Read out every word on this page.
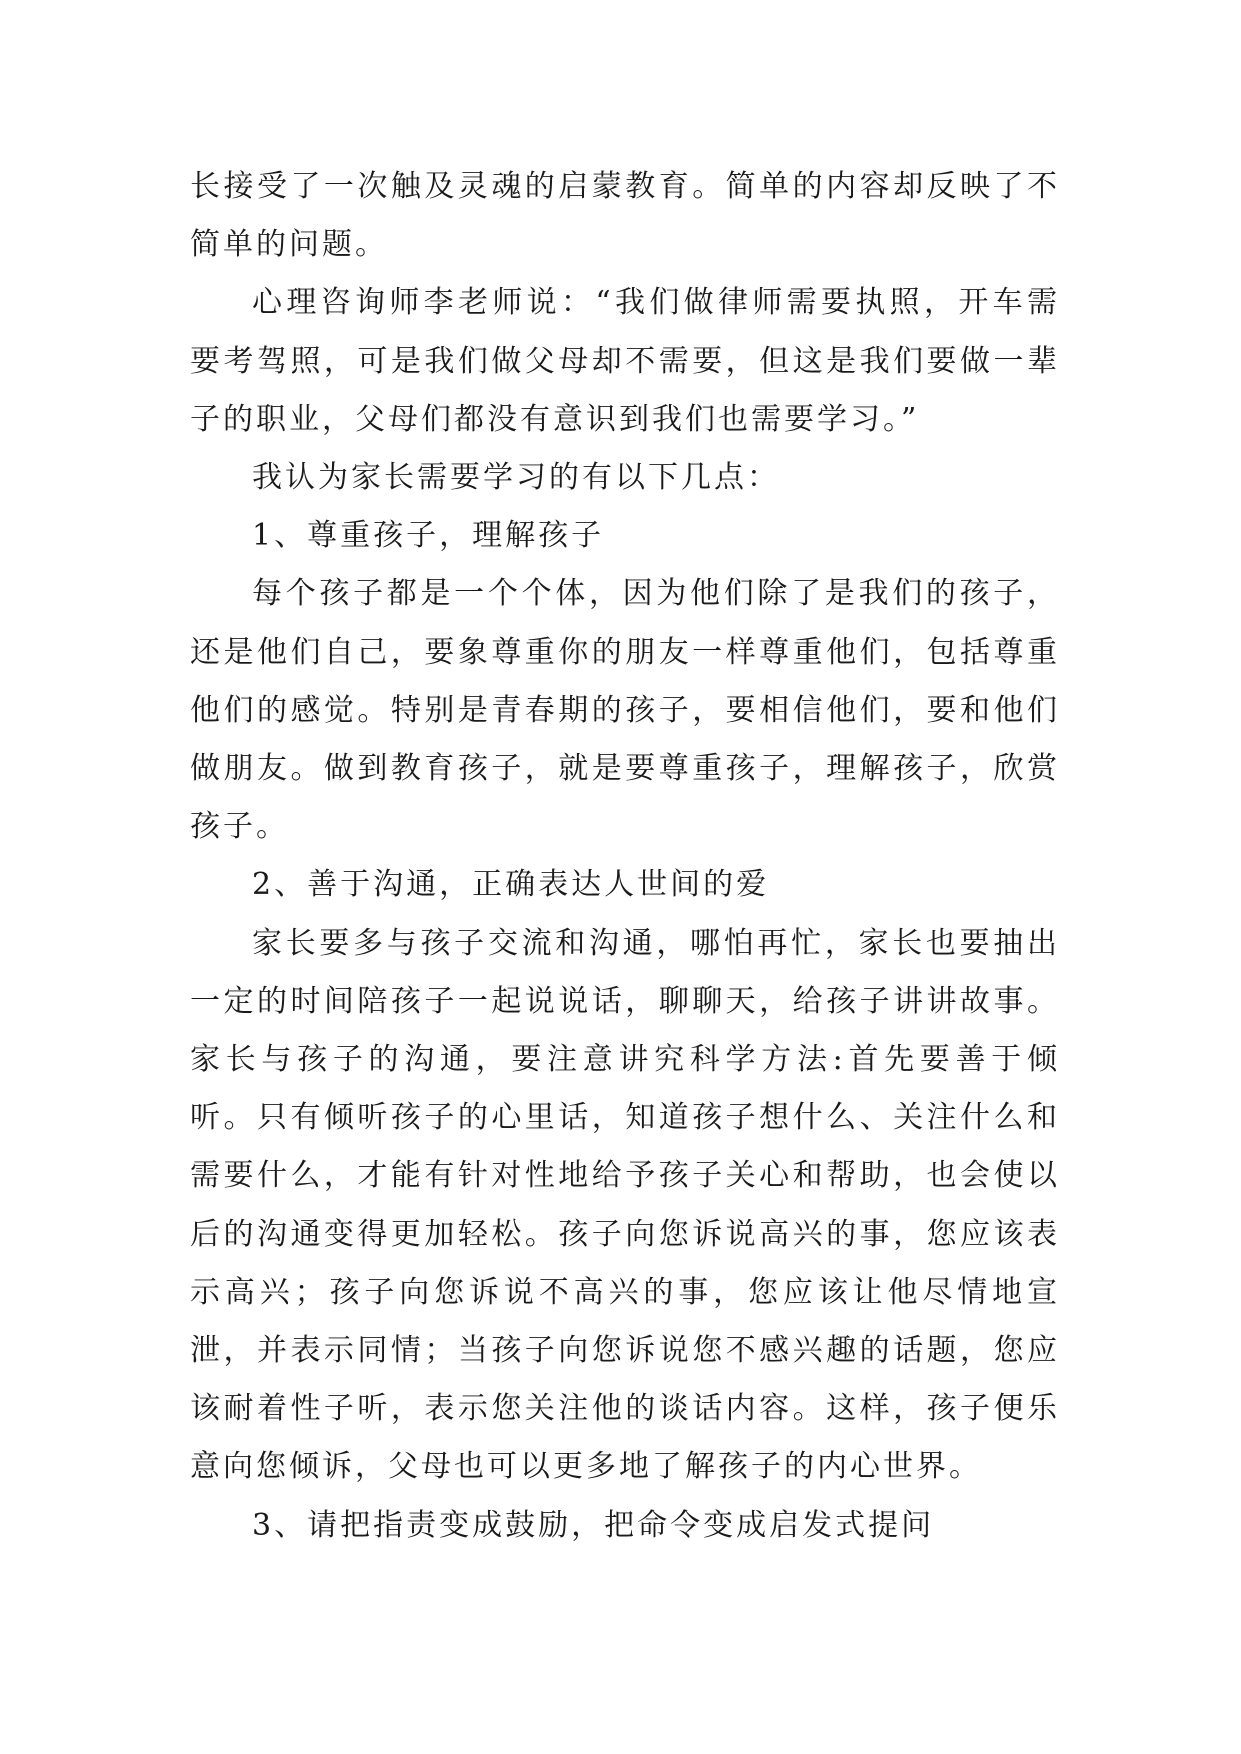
长接受了一次触及灵魂的启蒙教育。简单的内容却反映了不简单的问题。

心理咨询师李老师说：“我们做律师需要执照，开车需要考驾照，可是我们做父母却不需要，但这是我们要做一辈子的职业，父母们都没有意识到我们也需要学习。”

我认为家长需要学习的有以下几点：

1、尊重孩子，理解孩子

每个孩子都是一个个体，因为他们除了是我们的孩子，还是他们自己，要象尊重你的朋友一样尊重他们，包括尊重他们的感觉。特别是青春期的孩子，要相信他们，要和他们做朋友。做到教育孩子，就是要尊重孩子，理解孩子，欣赏孩子。

2、善于沟通，正确表达人世间的爱

家长要多与孩子交流和沟通，哪怕再忙，家长也要抽出一定的时间陪孩子一起说说话，聊聊天，给孩子讲讲故事。家长与孩子的沟通，要注意讲究科学方法:首先要善于倾听。只有倾听孩子的心里话，知道孩子想什么、关注什么和需要什么，才能有针对性地给予孩子关心和帮助，也会使以后的沟通变得更加轻松。孩子向您诉说高兴的事，您应该表示高兴；孩子向您诉说不高兴的事，您应该让他尽情地宣泄，并表示同情；当孩子向您诉说您不感兴趣的话题，您应该耐着性子听，表示您关注他的谈话内容。这样，孩子便乐意向您倾诉，父母也可以更多地了解孩子的内心世界。

3、请把指责变成鼓励，把命令变成启发式提问
